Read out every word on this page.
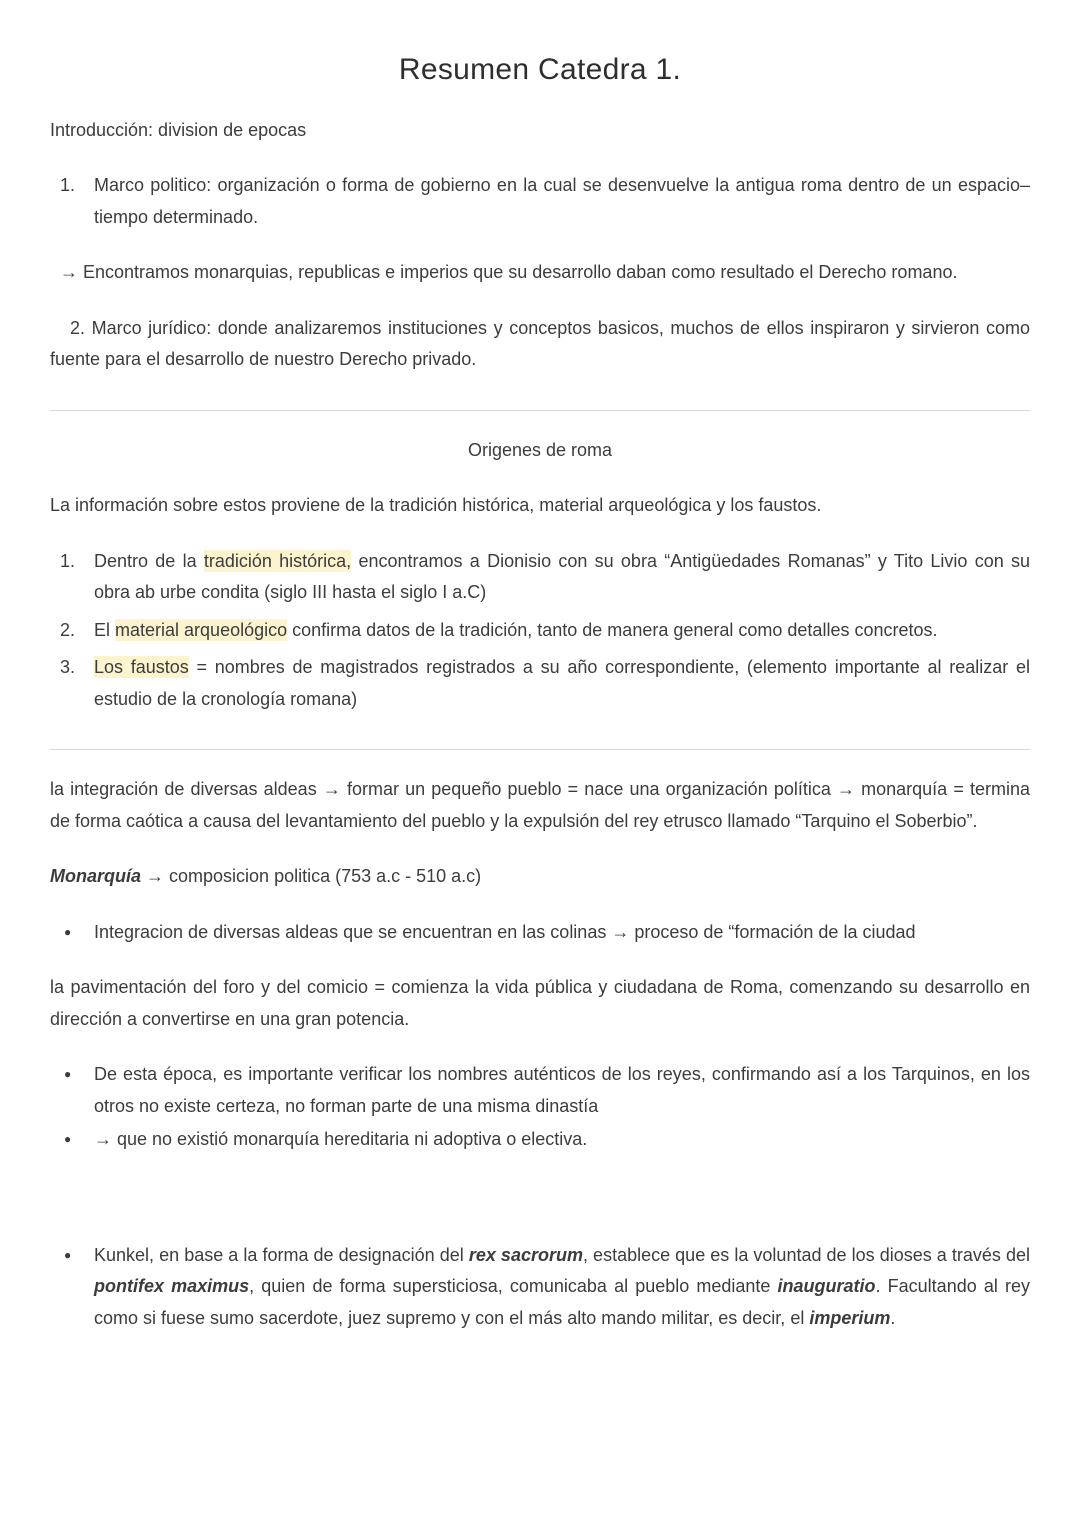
Resumen Catedra 1.
Introducción: division de epocas
1.	Marco politico: organización o forma de gobierno en la cual se desenvuelve la antigua roma dentro de un espacio–tiempo determinado.
→ Encontramos monarquias, republicas e imperios que su desarrollo daban como resultado el Derecho romano.
2. Marco jurídico: donde analizaremos instituciones y conceptos basicos, muchos de ellos inspiraron y sirvieron como fuente para el desarrollo de nuestro Derecho privado.
Origenes de roma
La información sobre estos proviene de la tradición histórica, material arqueológica y los faustos.
1.	Dentro de la tradición histórica, encontramos a Dionisio con su obra “Antigüedades Romanas” y Tito Livio con su obra ab urbe condita (siglo III hasta el siglo I a.C)
2.	El material arqueológico confirma datos de la tradición, tanto de manera general como detalles concretos.
3.	Los faustos = nombres de magistrados registrados a su año correspondiente, (elemento importante al realizar el estudio de la cronología romana)
la integración de diversas aldeas → formar un pequeño pueblo = nace una organización política → monarquía = termina de forma caótica a causa del levantamiento del pueblo y la expulsión del rey etrusco llamado “Tarquino el Soberbio”.
Monarquía → composicion politica (753 a.c - 510 a.c)
●
Integracion de diversas aldeas que se encuentran en las colinas → proceso de “formación de la ciudad
la pavimentación del foro y del comicio = comienza la vida pública y ciudadana de Roma, comenzando su desarrollo en dirección a convertirse en una gran potencia.
●
De esta época, es importante verificar los nombres auténticos de los reyes, confirmando así a los Tarquinos, en los otros no existe certeza, no forman parte de una misma dinastía
●
→ que no existió monarquía hereditaria ni adoptiva o electiva.
●
Kunkel, en base a la forma de designación del rex sacrorum, establece que es la voluntad de los dioses a través del pontifex maximus, quien de forma supersticiosa, comunicaba al pueblo mediante inauguratio. Facultando al rey como si fuese sumo sacerdote, juez supremo y con el más alto mando militar, es decir, el imperium.
